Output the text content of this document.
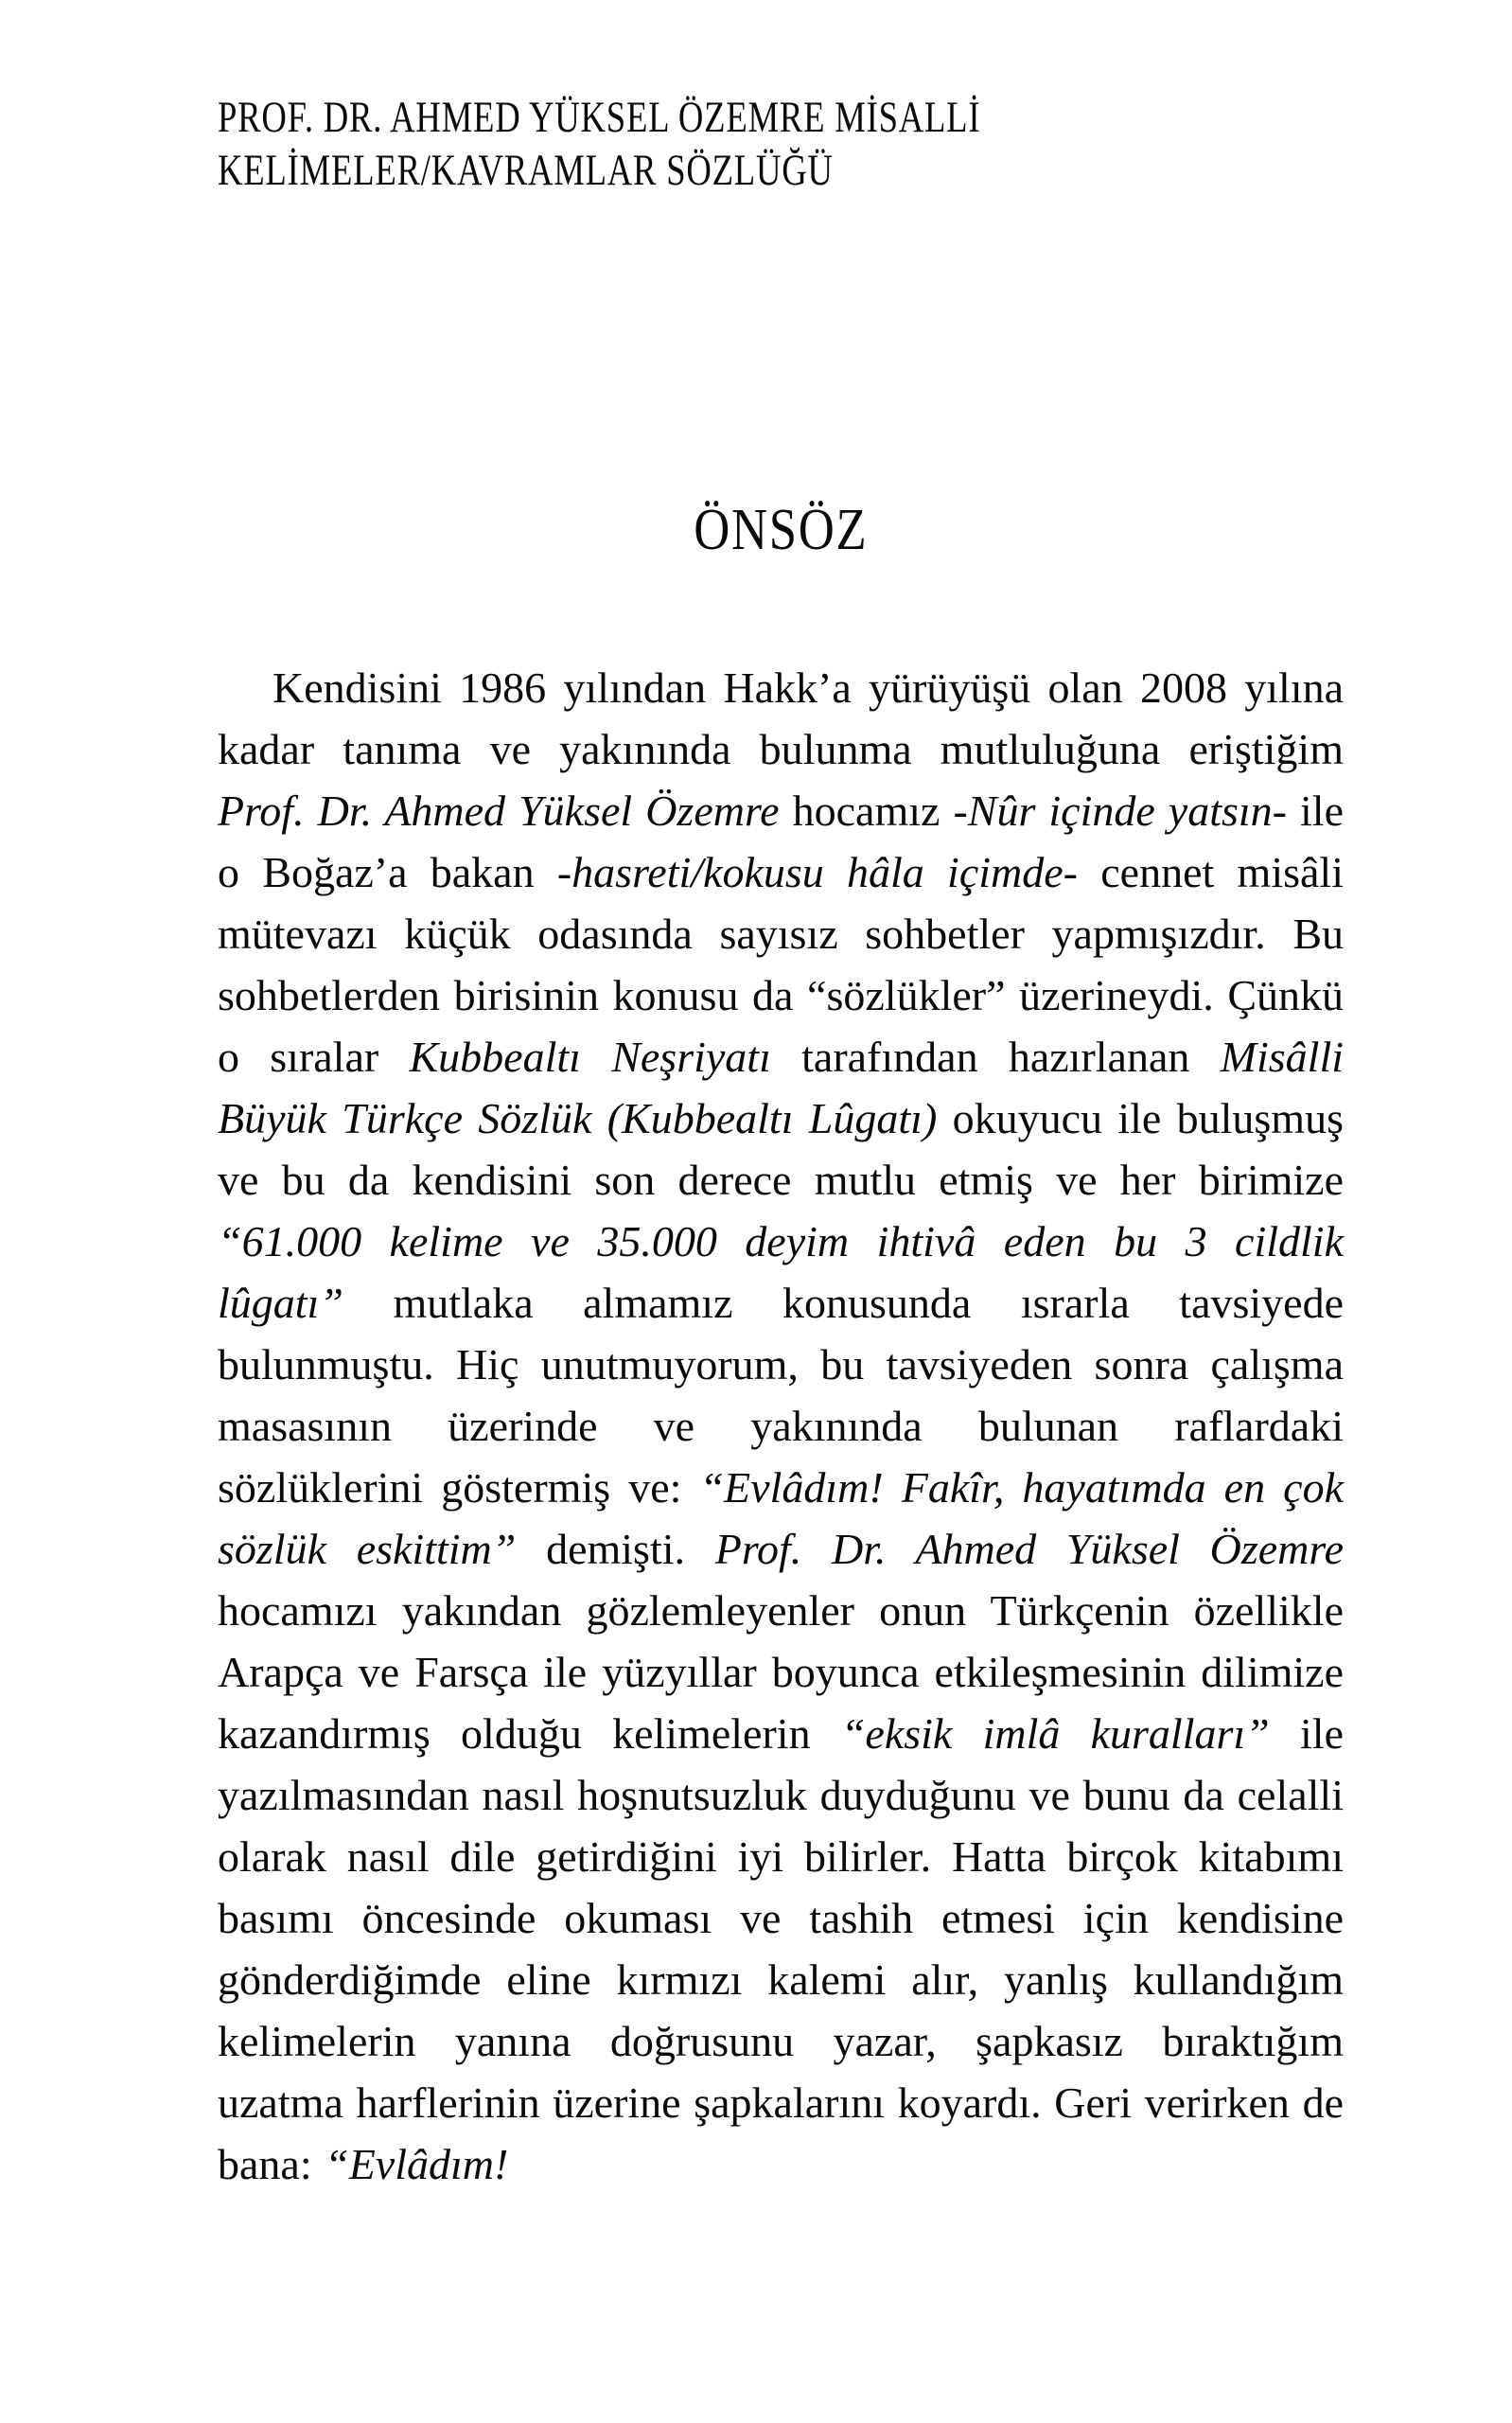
PROF. DR. AHMED YÜKSEL ÖZEMRE MİSALLİ
KELİMELER/KAVRAMLAR SÖZLÜĞÜ
ÖNSÖZ

Kendisini 1986 yılından Hakk’a yürüyüşü olan 2008 yılına kadar tanıma ve yakınında bulunma mutluluğuna eriştiğim Prof. Dr. Ahmed Yüksel Özemre hocamız -Nûr içinde yatsın- ile o Boğaz’a bakan -hasreti/kokusu hâla içimde- cennet misâli mütevazı küçük odasında sayısız sohbetler yapmışızdır. Bu sohbetlerden birisinin konusu da “sözlükler” üzerineydi. Çünkü o sıralar Kubbealtı Neşriyatı tarafından hazırlanan Misâlli Büyük Türkçe Sözlük (Kubbealtı Lûgatı) okuyucu ile buluşmuş ve bu da kendisini son derece mutlu etmiş ve her birimize “61.000 kelime ve 35.000 deyim ihtivâ eden bu 3 cildlik lûgatı” mutlaka almamız konusunda ısrarla tavsiyede bulunmuştu. Hiç unutmuyorum, bu tavsiyeden sonra çalışma masasının üzerinde ve yakınında bulunan raflardaki sözlüklerini göstermiş ve: “Evlâdım! Fakîr, hayatımda en çok sözlük eskittim” demişti. Prof. Dr. Ahmed Yüksel Özemre hocamızı yakından gözlemleyenler onun Türkçenin özellikle Arapça ve Farsça ile yüzyıllar boyunca etkileşmesinin dilimize kazandırmış olduğu kelimelerin “eksik imlâ kuralları” ile yazılmasından nasıl hoşnutsuzluk duyduğunu ve bunu da celalli olarak nasıl dile getirdiğini iyi bilirler. Hatta birçok kitabımı basımı öncesinde okuması ve tashih etmesi için kendisine gönderdiğimde eline kırmızı kalemi alır, yanlış kullandığım kelimelerin yanına doğrusunu yazar, şapkasız bıraktığım uzatma harflerinin üzerine şapkalarını koyardı. Geri verirken de bana: “Evlâdım!
